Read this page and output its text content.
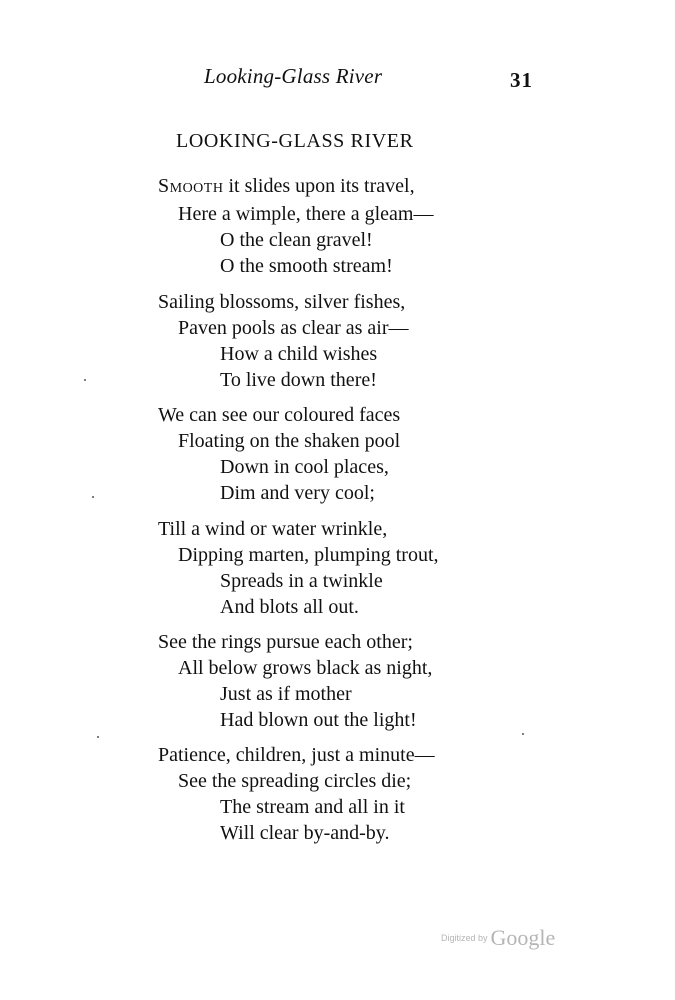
Looking-Glass River	31
LOOKING-GLASS RIVER
Smooth it slides upon its travel,
Here a wimple, there a gleam—
O the clean gravel!
O the smooth stream!
Sailing blossoms, silver fishes,
Paven pools as clear as air—
How a child wishes
To live down there!
We can see our coloured faces
Floating on the shaken pool
Down in cool places,
Dim and very cool;
Till a wind or water wrinkle,
Dipping marten, plumping trout,
Spreads in a twinkle
And blots all out.
See the rings pursue each other;
All below grows black as night,
Just as if mother
Had blown out the light!
Patience, children, just a minute—
See the spreading circles die;
The stream and all in it
Will clear by-and-by.
Digitized by Google
